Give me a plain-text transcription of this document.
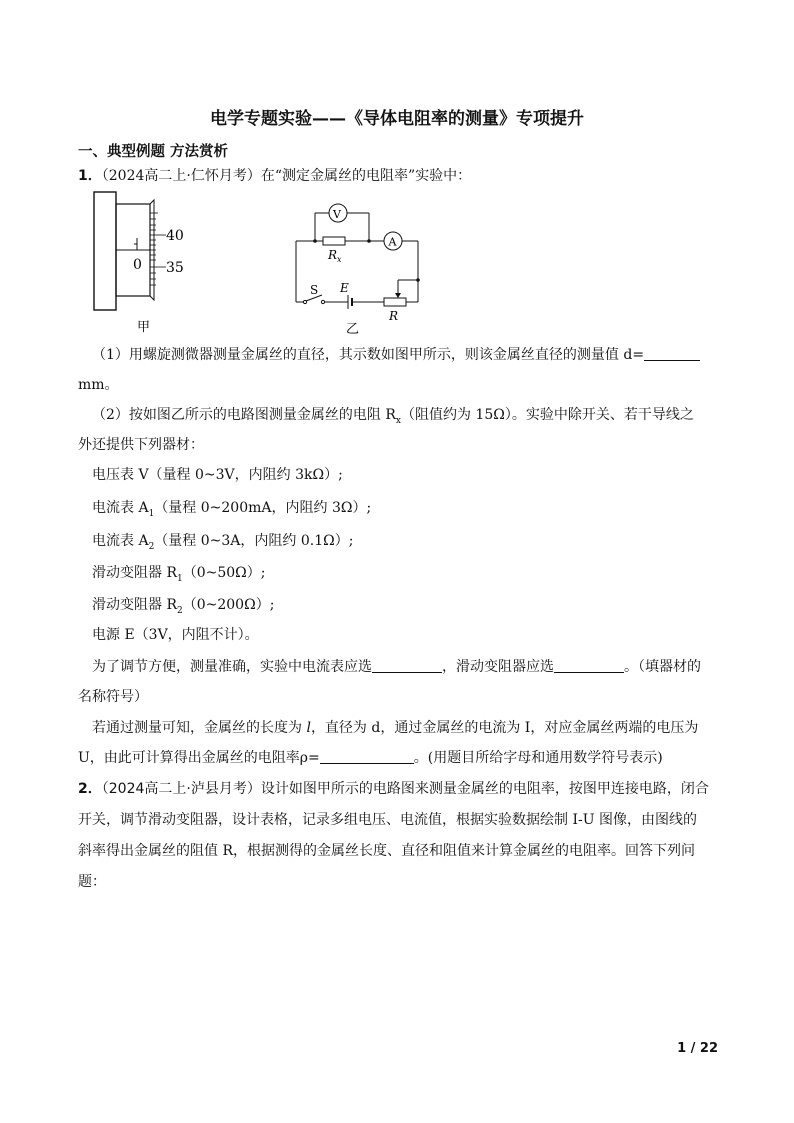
电学专题实验——《导体电阻率的测量》专项提升
一、典型例题 方法赏析
1．（2024高二上·仁怀月考）在“测定金属丝的电阻率”实验中：
40
35
0
甲
V
A
$R_x$
S E
R
乙
（1）用螺旋测微器测量金属丝的直径，其示数如图甲所示，则该金属丝直径的测量值 d=
mm。
（2）按如图乙所示的电路图测量金属丝的电阻 $R_x$（阻值约为 15Ω）。实验中除开关、若干导线之
外还提供下列器材：
电压表 V（量程 0~3V，内阻约 3kΩ）;
电流表 $A_1$（量程 0~200mA，内阻约 3Ω）;
电流表 $A_2$（量程 0~3A，内阻约 0.1Ω）;
滑动变阻器 $R_1(0\sim 50\Omega)$;
滑动变阻器 $R_2(0\sim 200\Omega)$;
电源 E（3V，内阻不计）。
为了调节方便，测量准确，实验中电流表应选	，滑动变阻器应选	。（填器材的
名称符号）
若通过测量可知，金属丝的长度为 l，直径为 d，通过金属丝的电流为 I，对应金属丝两端的电压为
U，由此可计算得出金属丝的电阻率ρ=	。(用题目所给字母和通用数学符号表示)
2．（2024高二上·泸县月考）设计如图甲所示的电路图来测量金属丝的电阻率，按图甲连接电路，闭合
开关，调节滑动变阻器，设计表格，记录多组电压、电流值，根据实验数据绘制 I-U 图像，由图线的
斜率得出金属丝的阻值 R，根据测得的金属丝长度、直径和阻值来计算金属丝的电阻率。回答下列问
题：
1 / 22
